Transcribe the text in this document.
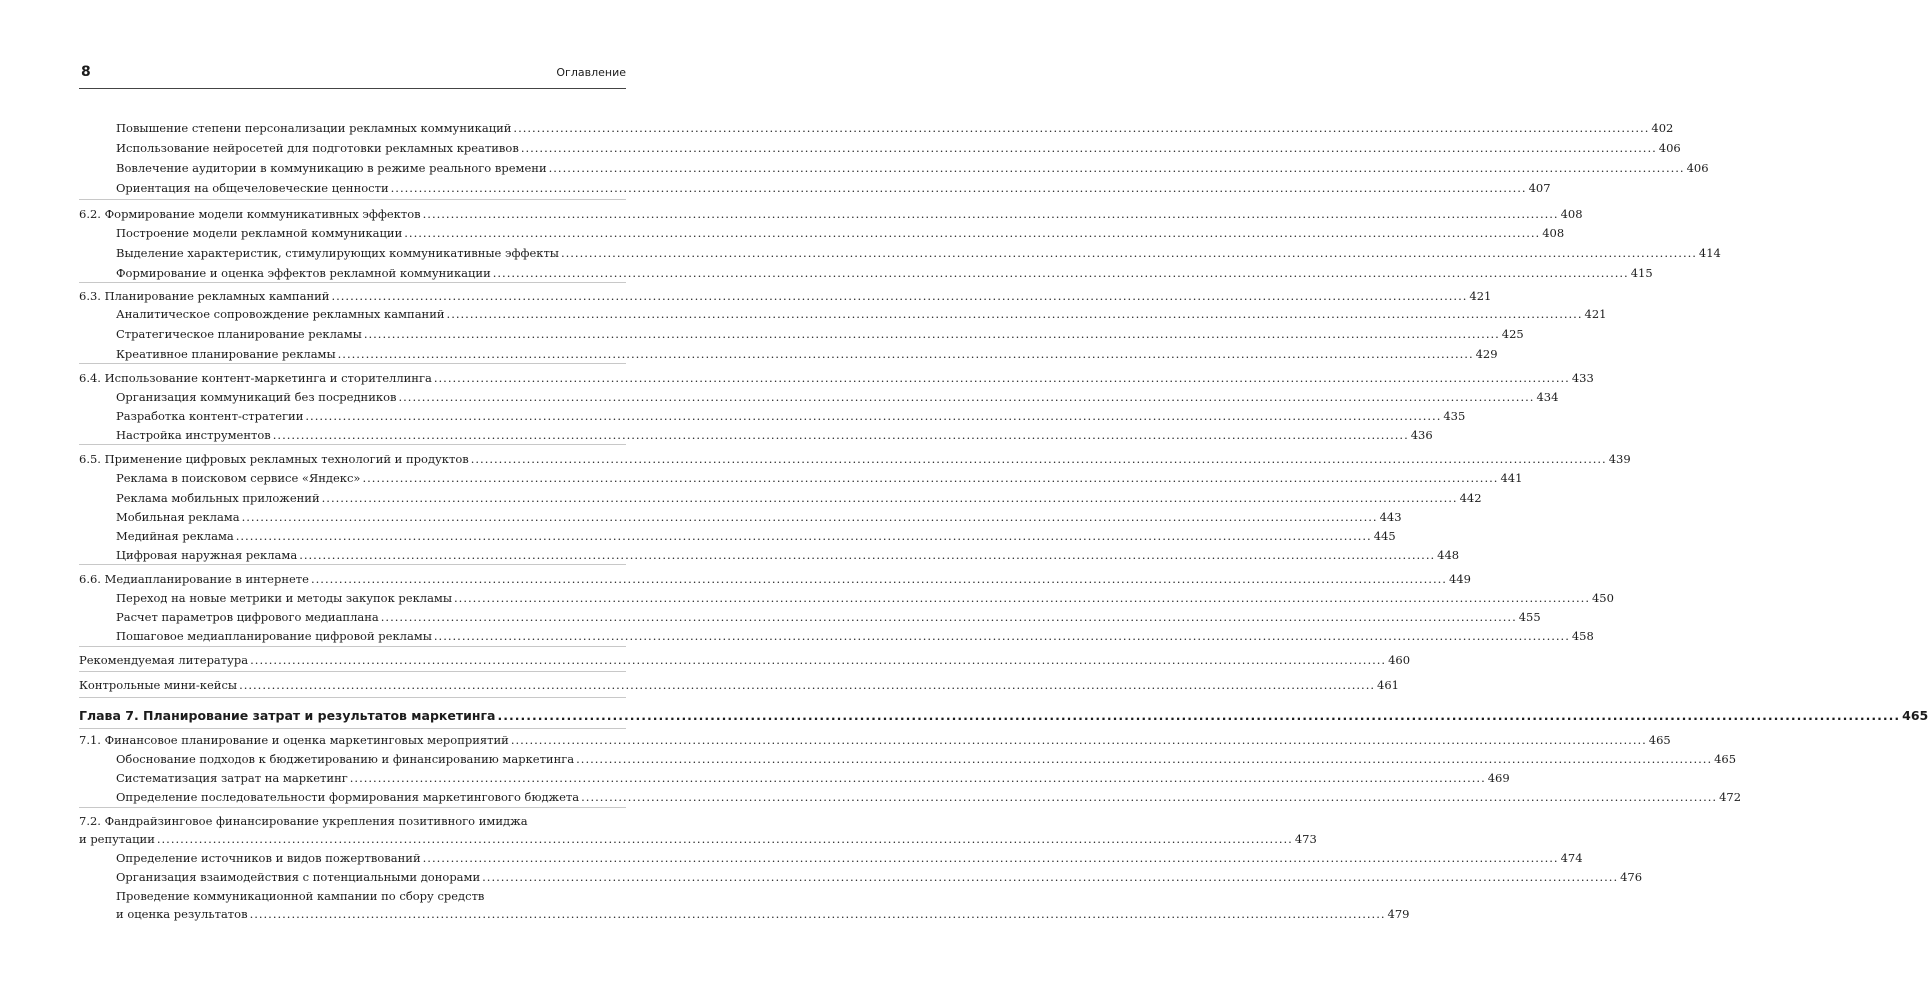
8	Оглавление
Повышение степени персонализации рекламных коммуникаций .....	402
Использование нейросетей для подготовки рекламных креативов .....	406
Вовлечение аудитории в коммуникацию в режиме реального времени .....	406
Ориентация на общечеловеческие ценности .....	407
6.2. Формирование модели коммуникативных эффектов .....	408
Построение модели рекламной коммуникации .....	408
Выделение характеристик, стимулирующих коммуникативные эффекты .....	414
Формирование и оценка эффектов рекламной коммуникации .....	415
6.3. Планирование рекламных кампаний .....	421
Аналитическое сопровождение рекламных кампаний .....	421
Стратегическое планирование рекламы .....	425
Креативное планирование рекламы .....	429
6.4. Использование контент-маркетинга и сторителлинга .....	433
Организация коммуникаций без посредников .....	434
Разработка контент-стратегии .....	435
Настройка инструментов .....	436
6.5. Применение цифровых рекламных технологий и продуктов .....	439
Реклама в поисковом сервисе «Яндекс» .....	441
Реклама мобильных приложений .....	442
Мобильная реклама .....	443
Медийная реклама .....	445
Цифровая наружная реклама .....	448
6.6. Медиапланирование в интернете .....	449
Переход на новые метрики и методы закупок рекламы .....	450
Расчет параметров цифрового медиаплана .....	455
Пошаговое медиапланирование цифровой рекламы .....	458
Рекомендуемая литература .....	460
Контрольные мини-кейсы .....	461
Глава 7. Планирование затрат и результатов маркетинга .....	465
7.1. Финансовое планирование и оценка маркетинговых мероприятий .....	465
Обоснование подходов к бюджетированию и финансированию маркетинга .....	465
Систематизация затрат на маркетинг .....	469
Определение последовательности формирования маркетингового бюджета .....	472
7.2. Фандрайзинговое финансирование укрепления позитивного имиджа
и репутации .....	473
Определение источников и видов пожертвований .....	474
Организация взаимодействия с потенциальными донорами .....	476
Проведение коммуникационной кампании по сбору средств
и оценка результатов .....	479
